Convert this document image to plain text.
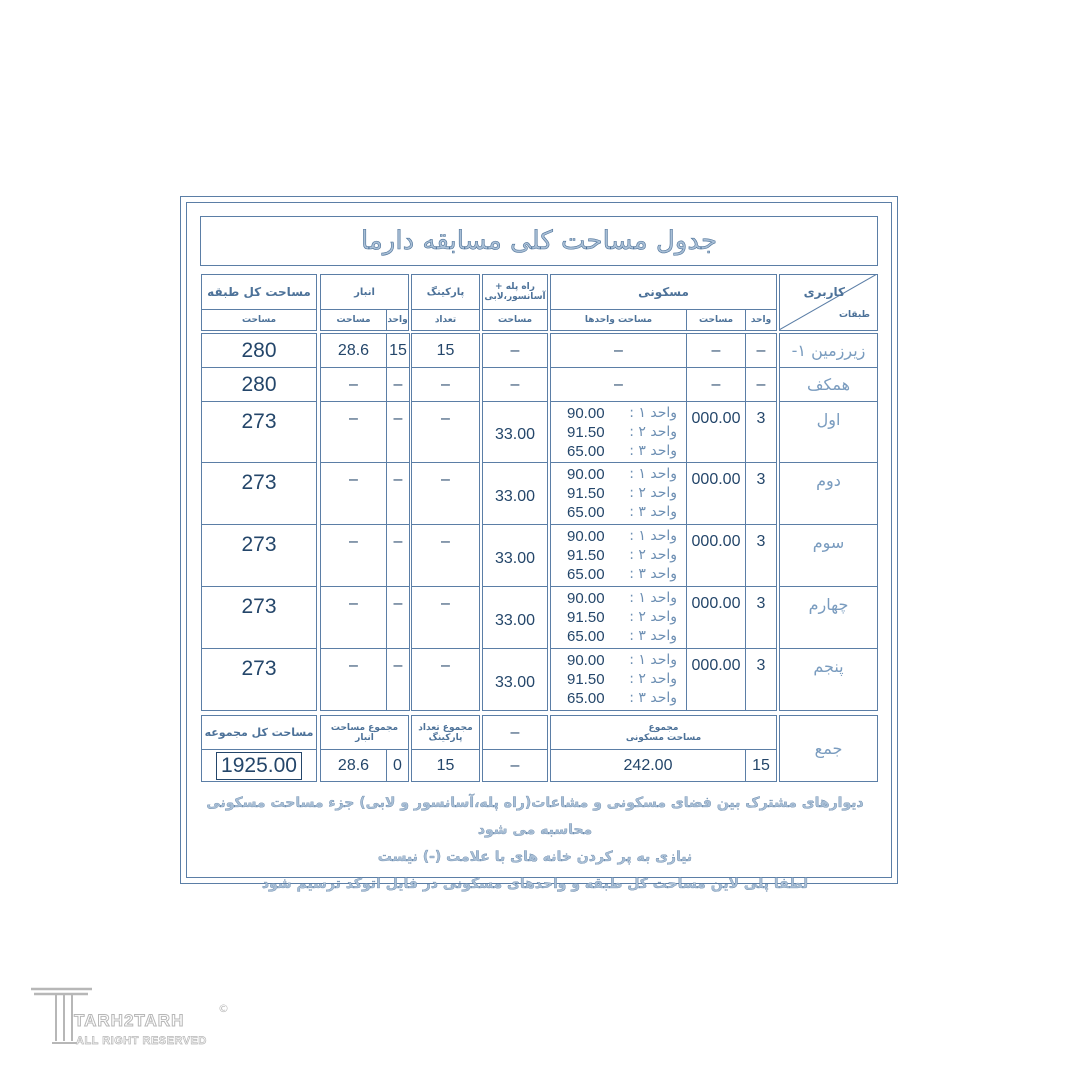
جدول مساحت کلی مسابقه دارما
کاربری
طبقات
مسکونی
واحد
مساحت
مساحت واحدها
راه پله +
آسانسور،لابی
مساحت
پارکینگ
تعداد
انبار
واحد
مساحت
مساحت کل طبقه
مساحت
زیرزمین ۱-
–
–
–
–
15
15
28.6
280
همکف
–
–
–
–
–
–
–
280
اول
3
000.00
90.00 واحد ۱ :
91.50 واحد ۲ :
65.00 واحد ۳ :
33.00
–
–
–
273
دوم
3
000.00
90.00 واحد ۱ :
91.50 واحد ۲ :
65.00 واحد ۳ :
33.00
–
–
–
273
سوم
3
000.00
90.00 واحد ۱ :
91.50 واحد ۲ :
65.00 واحد ۳ :
33.00
–
–
–
273
چهارم
3
000.00
90.00 واحد ۱ :
91.50 واحد ۲ :
65.00 واحد ۳ :
33.00
–
–
–
273
پنجم
3
000.00
90.00 واحد ۱ :
91.50 واحد ۲ :
65.00 واحد ۳ :
33.00
–
–
–
273
جمع
مجموع
مساحت مسکونی
15
242.00
–
–
مجموع تعداد
پارکینگ
15
مجموع مساحت
انبار
0
28.6
مساحت کل مجموعه
1925.00
دیوارهای مشترک بین فضای مسکونی و مشاعات(راه پله،آسانسور و لابی) جزء مساحت مسکونی محاسبه می شود
نیازی به پر کردن خانه های با علامت (-) نیست
لطفا پلی لاین مساحت کل طبقه و واحدهای مسکونی در فایل اتوکد ترسیم شود
TARH2TARH
ALL RIGHT RESERVED
©
